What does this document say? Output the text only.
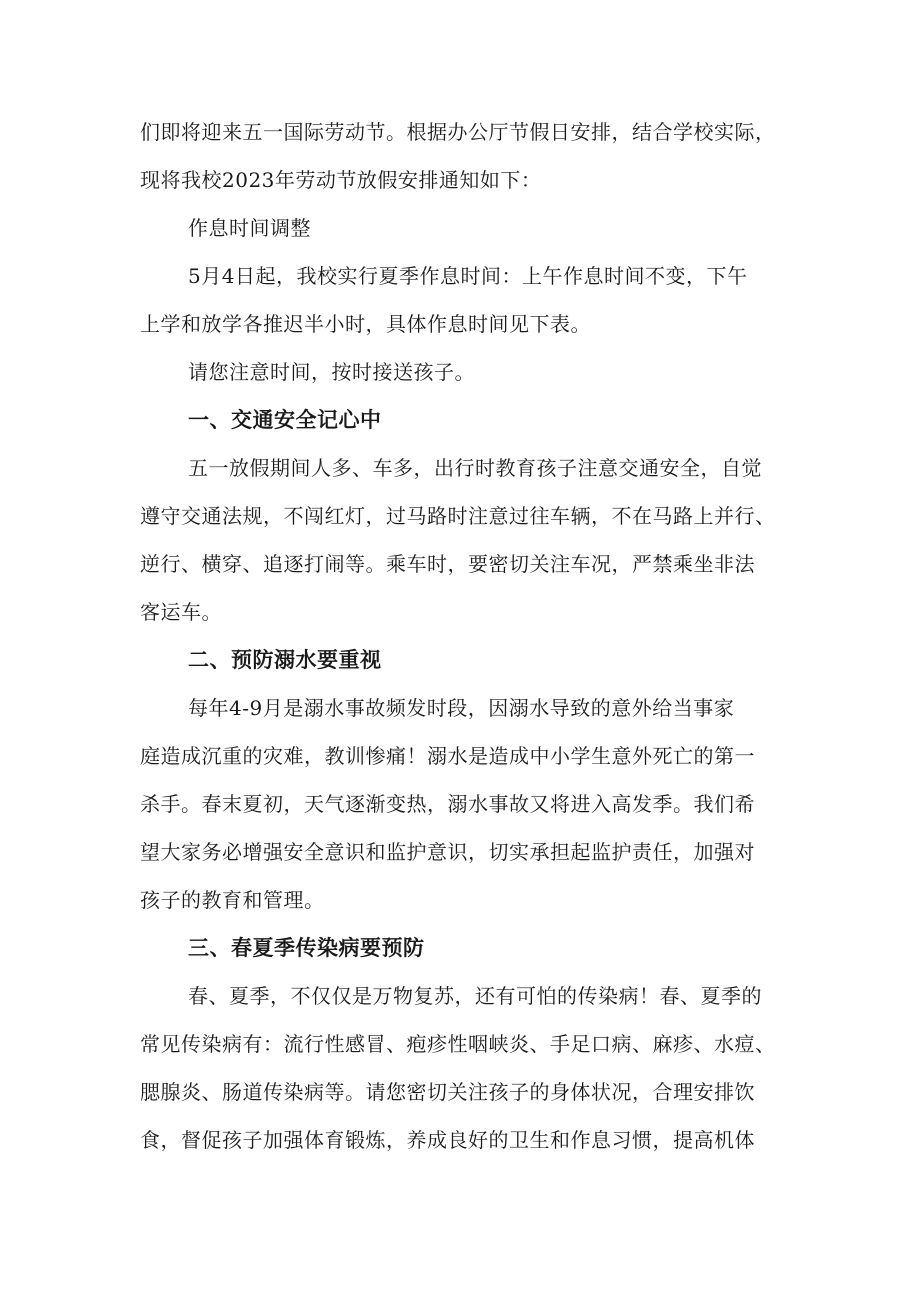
们即将迎来五一国际劳动节。根据办公厅节假日安排，结合学校实际，
现将我校2023年劳动节放假安排通知如下：
作息时间调整
5月4日起，我校实行夏季作息时间：上午作息时间不变，下午
上学和放学各推迟半小时，具体作息时间见下表。
请您注意时间，按时接送孩子。
一、交通安全记心中
五一放假期间人多、车多，出行时教育孩子注意交通安全，自觉
遵守交通法规，不闯红灯，过马路时注意过往车辆，不在马路上并行、
逆行、横穿、追逐打闹等。乘车时，要密切关注车况，严禁乘坐非法
客运车。
二、预防溺水要重视
每年4-9月是溺水事故频发时段，因溺水导致的意外给当事家
庭造成沉重的灾难，教训惨痛！溺水是造成中小学生意外死亡的第一
杀手。春末夏初，天气逐渐变热，溺水事故又将进入高发季。我们希
望大家务必增强安全意识和监护意识，切实承担起监护责任，加强对
孩子的教育和管理。
三、春夏季传染病要预防
春、夏季，不仅仅是万物复苏，还有可怕的传染病！春、夏季的
常见传染病有：流行性感冒、疱疹性咽峡炎、手足口病、麻疹、水痘、
腮腺炎、肠道传染病等。请您密切关注孩子的身体状况，合理安排饮
食，督促孩子加强体育锻炼，养成良好的卫生和作息习惯，提高机体
